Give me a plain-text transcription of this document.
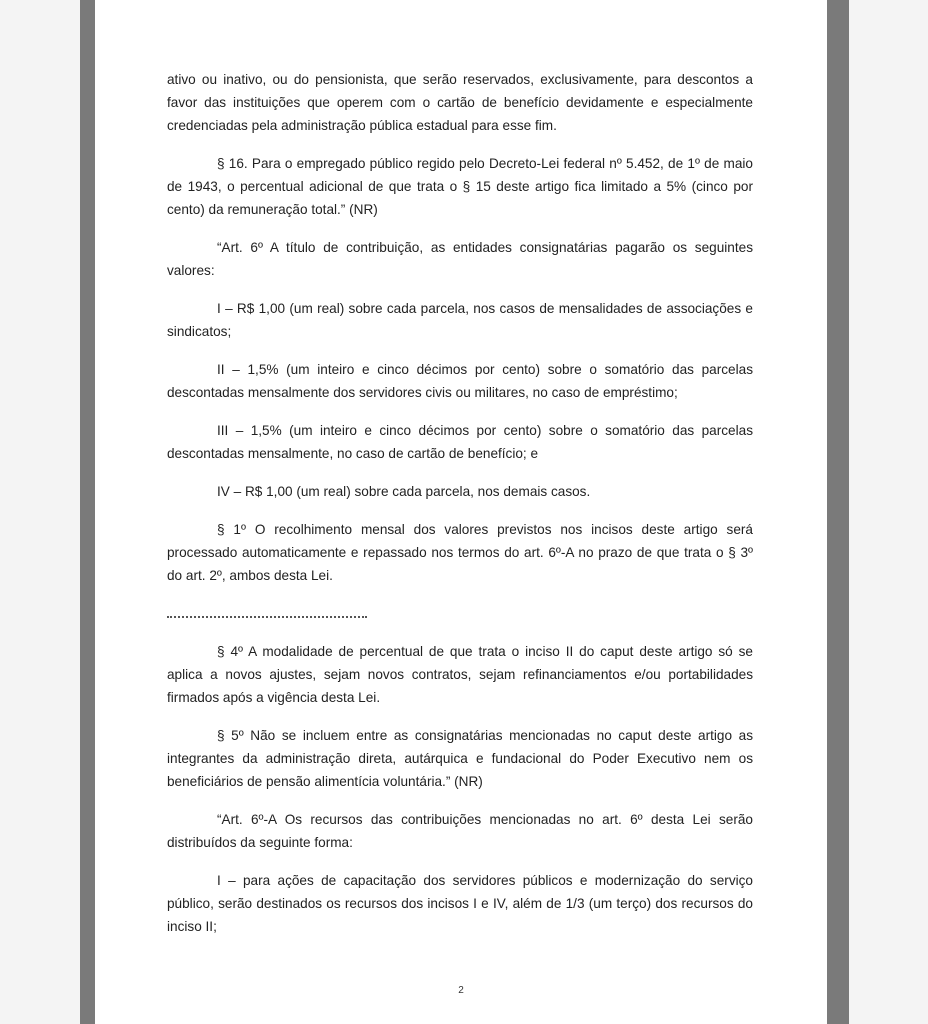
ativo ou inativo, ou do pensionista, que serão reservados, exclusivamente, para descontos a favor das instituições que operem com o cartão de benefício devidamente e especialmente credenciadas pela administração pública estadual para esse fim.

§ 16. Para o empregado público regido pelo Decreto-Lei federal nº 5.452, de 1º de maio de 1943, o percentual adicional de que trata o § 15 deste artigo fica limitado a 5% (cinco por cento) da remuneração total.” (NR)

“Art. 6º A título de contribuição, as entidades consignatárias pagarão os seguintes valores:

I – R$ 1,00 (um real) sobre cada parcela, nos casos de mensalidades de associações e sindicatos;

II – 1,5% (um inteiro e cinco décimos por cento) sobre o somatório das parcelas descontadas mensalmente dos servidores civis ou militares, no caso de empréstimo;

III – 1,5% (um inteiro e cinco décimos por cento) sobre o somatório das parcelas descontadas mensalmente, no caso de cartão de benefício; e

IV – R$ 1,00 (um real) sobre cada parcela, nos demais casos.

§ 1º O recolhimento mensal dos valores previstos nos incisos deste artigo será processado automaticamente e repassado nos termos do art. 6º-A no prazo de que trata o § 3º do art. 2º, ambos desta Lei.

§ 4º A modalidade de percentual de que trata o inciso II do caput deste artigo só se aplica a novos ajustes, sejam novos contratos, sejam refinanciamentos e/ou portabilidades firmados após a vigência desta Lei.

§ 5º Não se incluem entre as consignatárias mencionadas no caput deste artigo as integrantes da administração direta, autárquica e fundacional do Poder Executivo nem os beneficiários de pensão alimentícia voluntária.” (NR)

“Art. 6º-A Os recursos das contribuições mencionadas no art. 6º desta Lei serão distribuídos da seguinte forma:

I – para ações de capacitação dos servidores públicos e modernização do serviço público, serão destinados os recursos dos incisos I e IV, além de 1/3 (um terço) dos recursos do inciso II;

2
